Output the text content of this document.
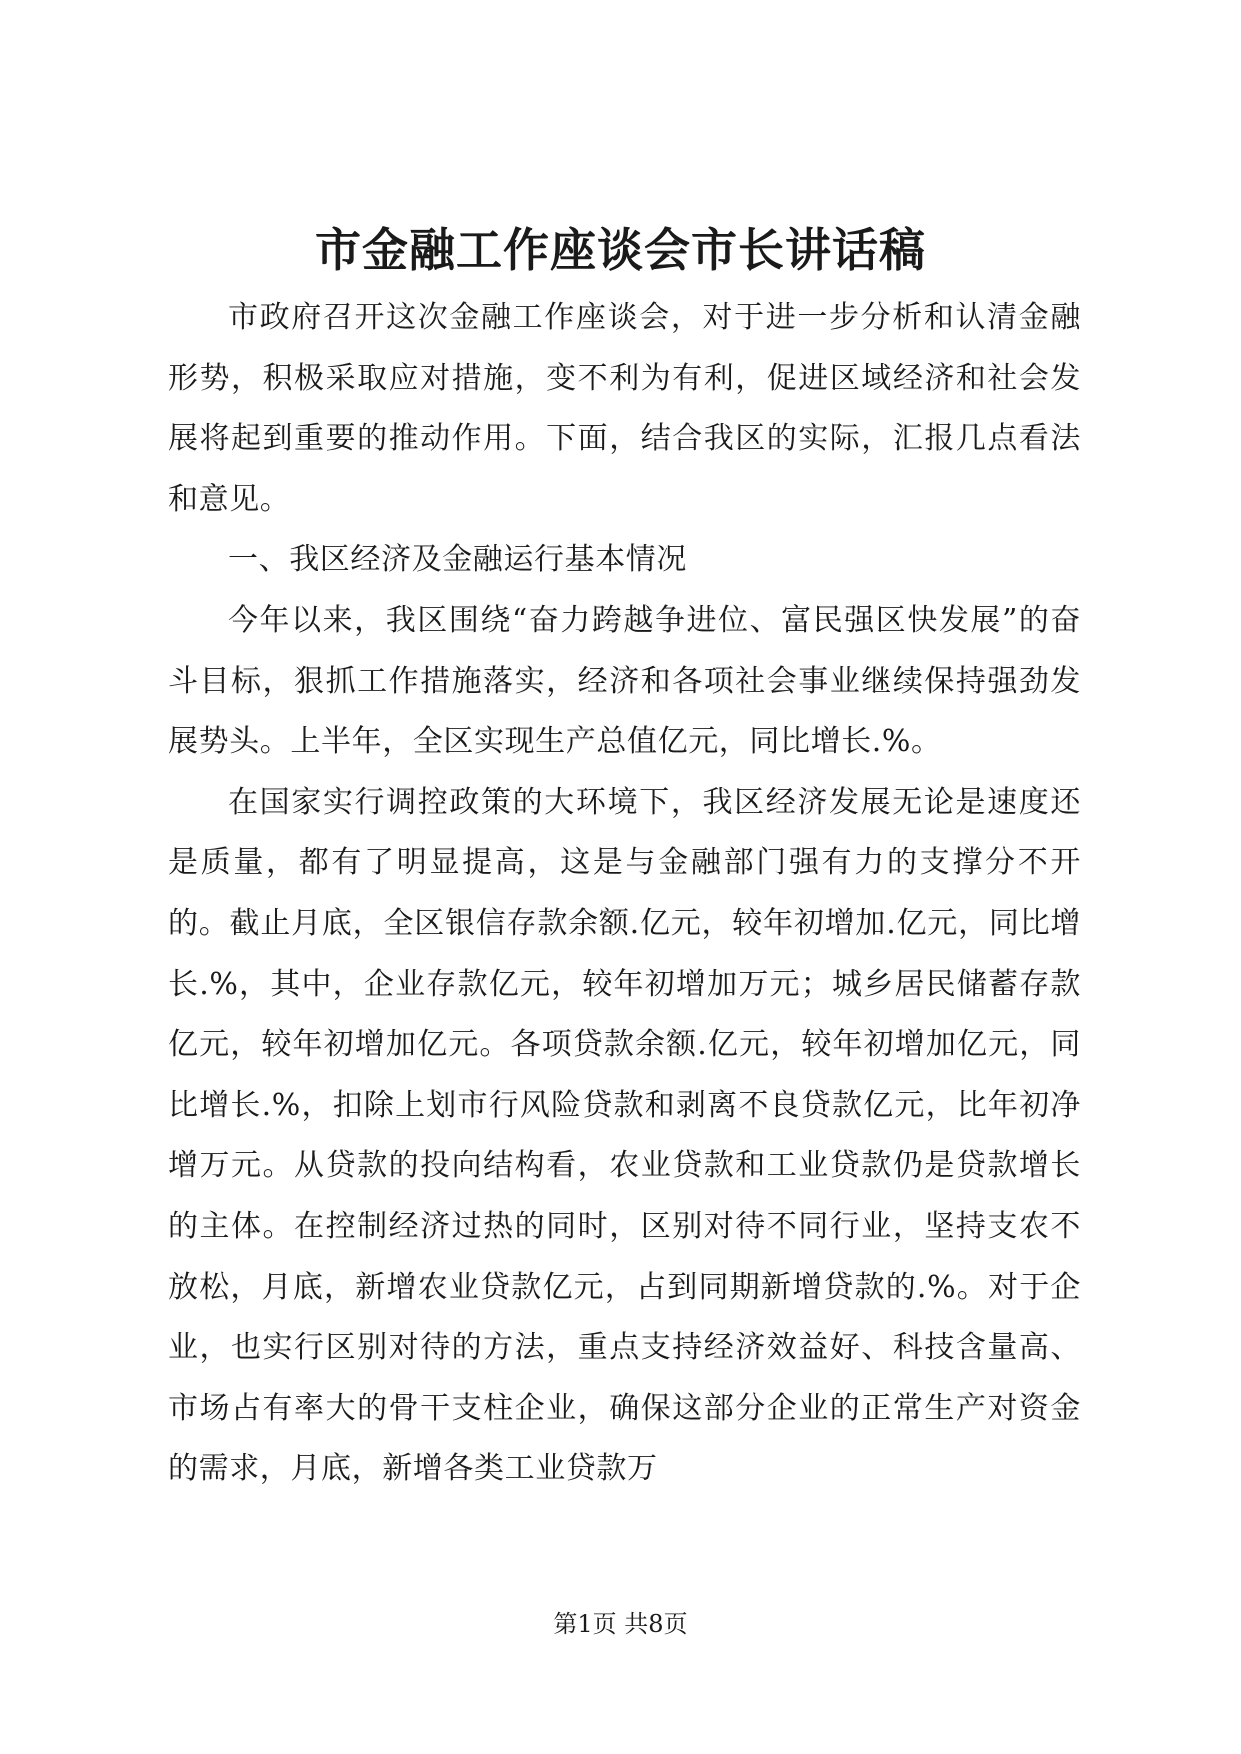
市金融工作座谈会市长讲话稿

市政府召开这次金融工作座谈会，对于进一步分析和认清金融形势，积极采取应对措施，变不利为有利，促进区域经济和社会发展将起到重要的推动作用。下面，结合我区的实际，汇报几点看法和意见。

一、我区经济及金融运行基本情况

今年以来，我区围绕“奋力跨越争进位、富民强区快发展”的奋斗目标，狠抓工作措施落实，经济和各项社会事业继续保持强劲发展势头。上半年，全区实现生产总值亿元，同比增长.%。

在国家实行调控政策的大环境下，我区经济发展无论是速度还是质量，都有了明显提高，这是与金融部门强有力的支撑分不开的。截止月底，全区银信存款余额.亿元，较年初增加.亿元，同比增长.%，其中，企业存款亿元，较年初增加万元；城乡居民储蓄存款亿元，较年初增加亿元。各项贷款余额.亿元，较年初增加亿元，同比增长.%，扣除上划市行风险贷款和剥离不良贷款亿元，比年初净增万元。从贷款的投向结构看，农业贷款和工业贷款仍是贷款增长的主体。在控制经济过热的同时，区别对待不同行业，坚持支农不放松，月底，新增农业贷款亿元，占到同期新增贷款的.%。对于企业，也实行区别对待的方法，重点支持经济效益好、科技含量高、市场占有率大的骨干支柱企业，确保这部分企业的正常生产对资金的需求，月底，新增各类工业贷款万

第1页 共8页
